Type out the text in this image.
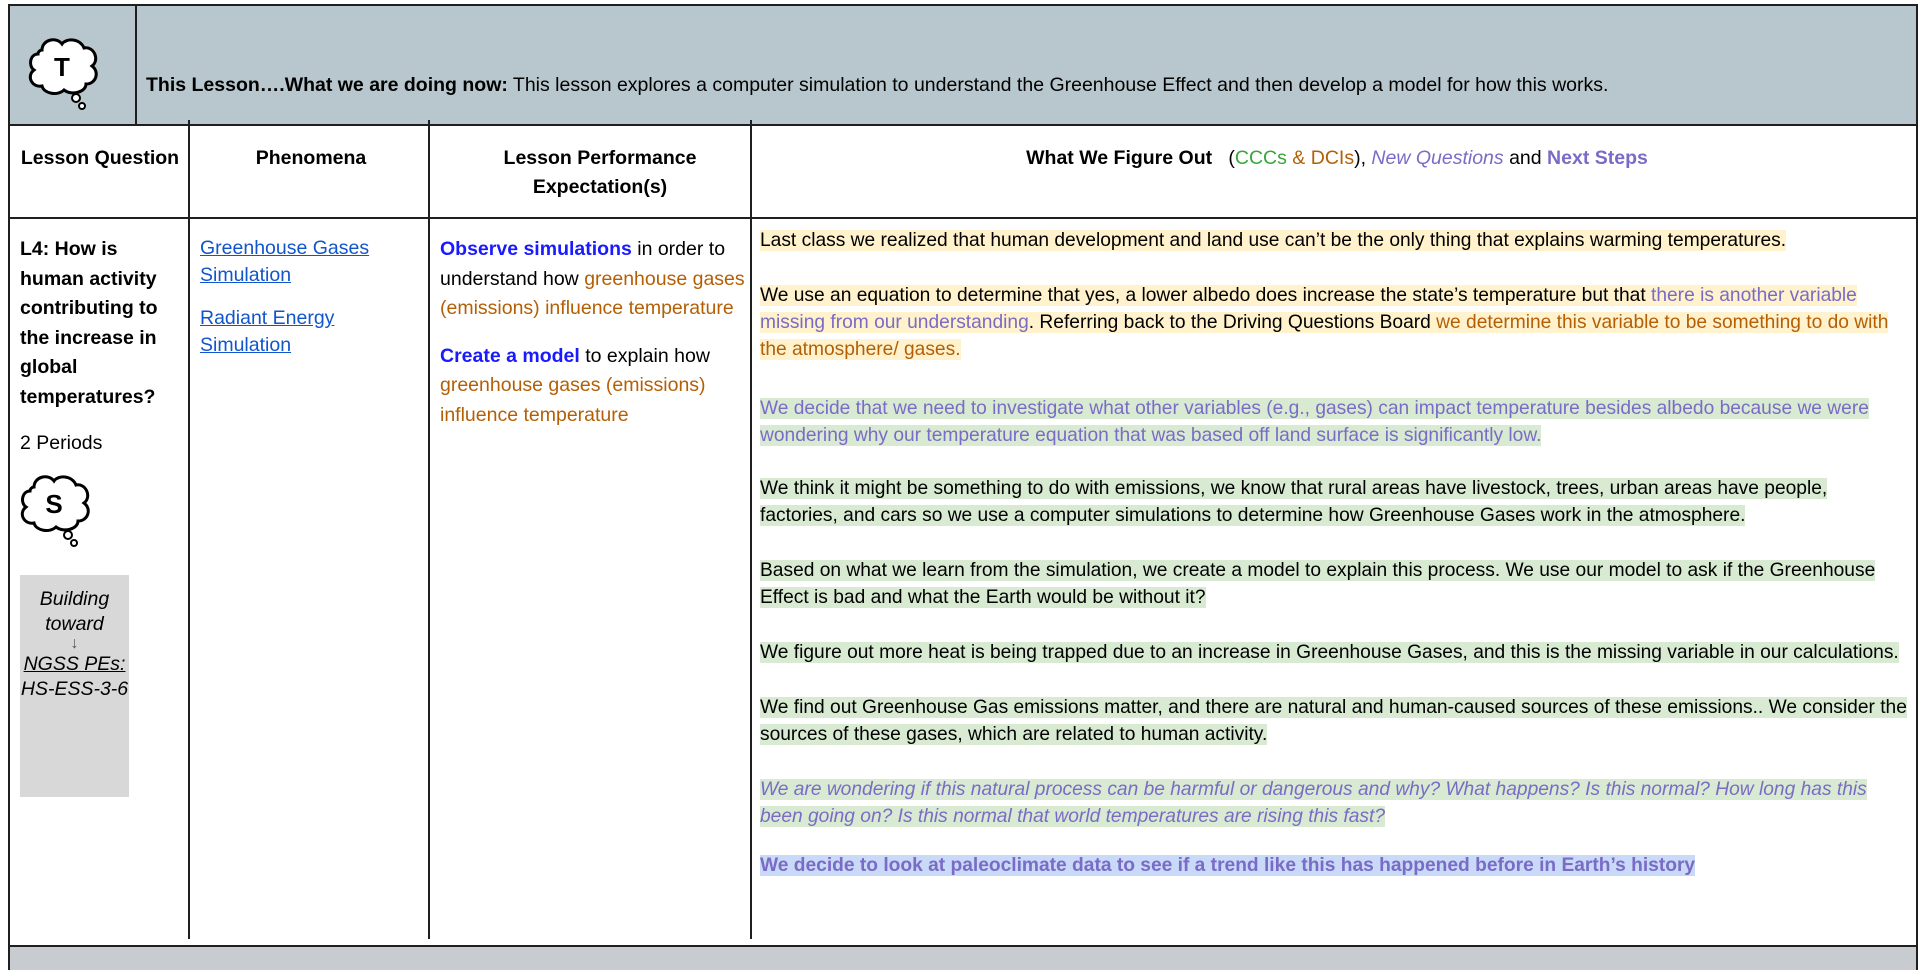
T
This Lesson….What we are doing now: This lesson explores a computer simulation to understand the Greenhouse Effect and then develop a model for how this works.
Lesson Question	Phenomena	Lesson Performance Expectation(s)
What We Figure Out (CCCs & DCIs), New Questions and Next Steps
L4: How is human activity contributing to the increase in global temperatures?
2 Periods
S
Building toward
↓
NGSS PEs:
HS-ESS-3-6
Greenhouse Gases Simulation
Radiant Energy Simulation
Observe simulations in order to understand how greenhouse gases (emissions) influence temperature
Create a model to explain how greenhouse gases (emissions) influence temperature

Last class we realized that human development and land use can’t be the only thing that explains warming temperatures.

We use an equation to determine that yes, a lower albedo does increase the state’s temperature but that there is another variable missing from our understanding. Referring back to the Driving Questions Board we determine this variable to be something to do with the atmosphere/ gases.

We decide that we need to investigate what other variables (e.g., gases) can impact temperature besides albedo because we were wondering why our temperature equation that was based off land surface is significantly low.

We think it might be something to do with emissions, we know that rural areas have livestock, trees, urban areas have people, factories, and cars so we use a computer simulations to determine how Greenhouse Gases work in the atmosphere.

Based on what we learn from the simulation, we create a model to explain this process. We use our model to ask if the Greenhouse Effect is bad and what the Earth would be without it?

We figure out more heat is being trapped due to an increase in Greenhouse Gases, and this is the missing variable in our calculations.

We find out Greenhouse Gas emissions matter, and there are natural and human-caused sources of these emissions.. We consider the sources of these gases, which are related to human activity.

We are wondering if this natural process can be harmful or dangerous and why? What happens? Is this normal? How long has this been going on? Is this normal that world temperatures are rising this fast?

We decide to look at paleoclimate data to see if a trend like this has happened before in Earth’s history
